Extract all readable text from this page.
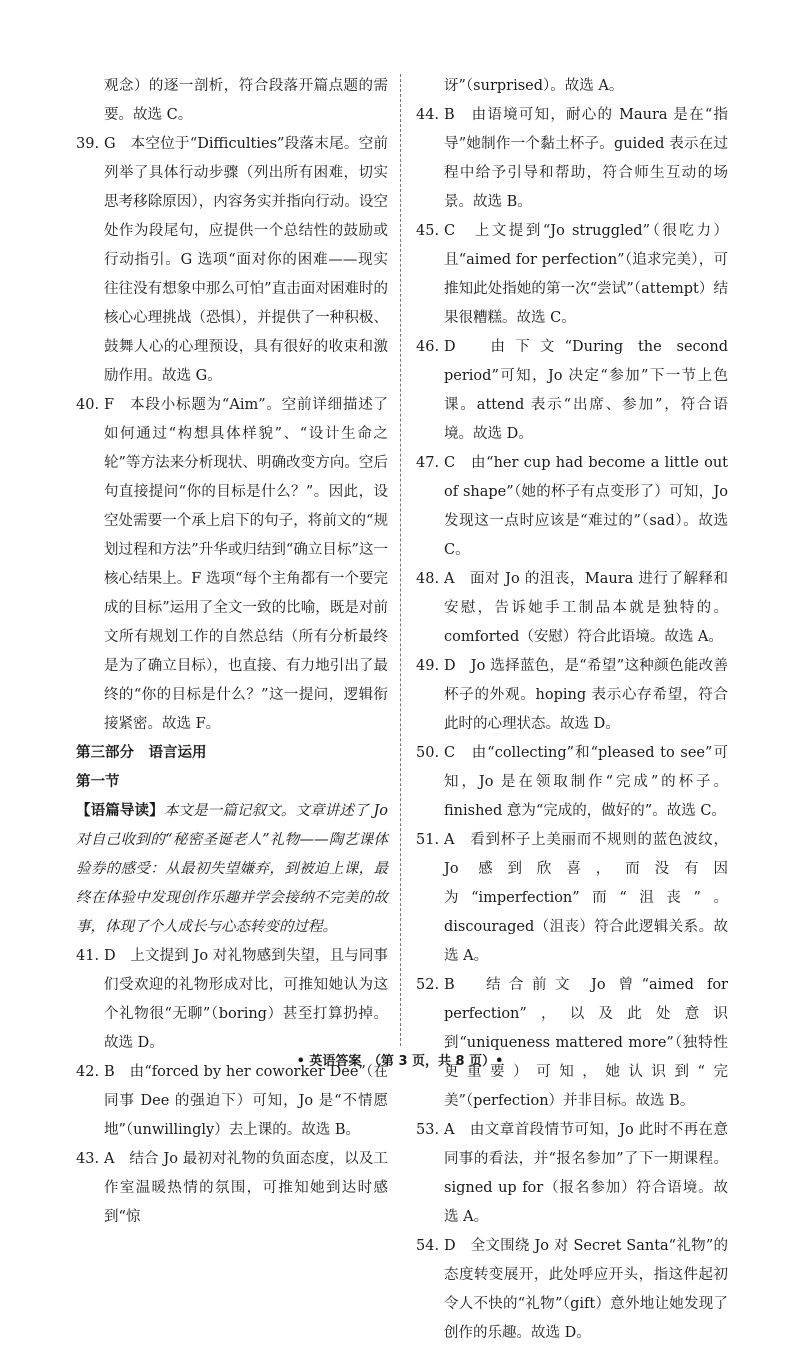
观念）的逐一剖析，符合段落开篇点题的需要。故选 C。

39. G　本空位于“Difficulties”段落末尾。空前列举了具体行动步骤（列出所有困难，切实思考移除原因），内容务实并指向行动。设空处作为段尾句，应提供一个总结性的鼓励或行动指引。G 选项“面对你的困难——现实往往没有想象中那么可怕”直击面对困难时的核心心理挑战（恐惧），并提供了一种积极、鼓舞人心的心理预设，具有很好的收束和激励作用。故选 G。

40. F　本段小标题为“Aim”。空前详细描述了如何通过“构想具体样貌”、“设计生命之轮”等方法来分析现状、明确改变方向。空后句直接提问“你的目标是什么？”。因此，设空处需要一个承上启下的句子，将前文的“规划过程和方法”升华或归结到“确立目标”这一核心结果上。F 选项“每个主角都有一个要完成的目标”运用了全文一致的比喻，既是对前文所有规划工作的自然总结（所有分析最终是为了确立目标），也直接、有力地引出了最终的“你的目标是什么？”这一提问，逻辑衔接紧密。故选 F。

第三部分　语言运用

第一节

【语篇导读】本文是一篇记叙文。文章讲述了 Jo 对自己收到的“秘密圣诞老人”礼物——陶艺课体验券的感受：从最初失望嫌弃，到被迫上课，最终在体验中发现创作乐趣并学会接纳不完美的故事，体现了个人成长与心态转变的过程。

41. D　上文提到 Jo 对礼物感到失望，且与同事们受欢迎的礼物形成对比，可推知她认为这个礼物很“无聊”（boring）甚至打算扔掉。故选 D。

42. B　由“forced by her coworker Dee”（在同事 Dee 的强迫下）可知，Jo 是“不情愿地”（unwillingly）去上课的。故选 B。

43. A　结合 Jo 最初对礼物的负面态度，以及工作室温暖热情的氛围，可推知她到达时感到“惊

讶”（surprised）。故选 A。

44. B　由语境可知，耐心的 Maura 是在“指导”她制作一个黏土杯子。guided 表示在过程中给予引导和帮助，符合师生互动的场景。故选 B。

45. C　上文提到“Jo struggled”（很吃力）且“aimed for perfection”（追求完美），可推知此处指她的第一次“尝试”（attempt）结果很糟糕。故选 C。

46. D　由下文“During the second period”可知，Jo 决定“参加”下一节上色课。attend 表示“出席、参加”，符合语境。故选 D。

47. C　由“her cup had become a little out of shape”（她的杯子有点变形了）可知，Jo 发现这一点时应该是“难过的”（sad）。故选 C。

48. A　面对 Jo 的沮丧，Maura 进行了解释和安慰，告诉她手工制品本就是独特的。comforted（安慰）符合此语境。故选 A。

49. D　Jo 选择蓝色，是“希望”这种颜色能改善杯子的外观。hoping 表示心存希望，符合此时的心理状态。故选 D。

50. C　由“collecting”和“pleased to see”可知，Jo 是在领取制作“完成”的杯子。finished 意为“完成的，做好的”。故选 C。

51. A　看到杯子上美丽而不规则的蓝色波纹，Jo 感到欣喜，而没有因为“imperfection”而“沮丧”。discouraged（沮丧）符合此逻辑关系。故选 A。

52. B　结合前文 Jo 曾“aimed for perfection”，以及此处意识到“uniqueness mattered more”（独特性更重要）可知，她认识到“完美”（perfection）并非目标。故选 B。

53. A　由文章首段情节可知，Jo 此时不再在意同事的看法，并“报名参加”了下一期课程。signed up for（报名参加）符合语境。故选 A。

54. D　全文围绕 Jo 对 Secret Santa“礼物”的态度转变展开，此处呼应开头，指这件起初令人不快的“礼物”（gift）意外地让她发现了创作的乐趣。故选 D。

• 英语答案　（第 3 页，共 8 页）•
